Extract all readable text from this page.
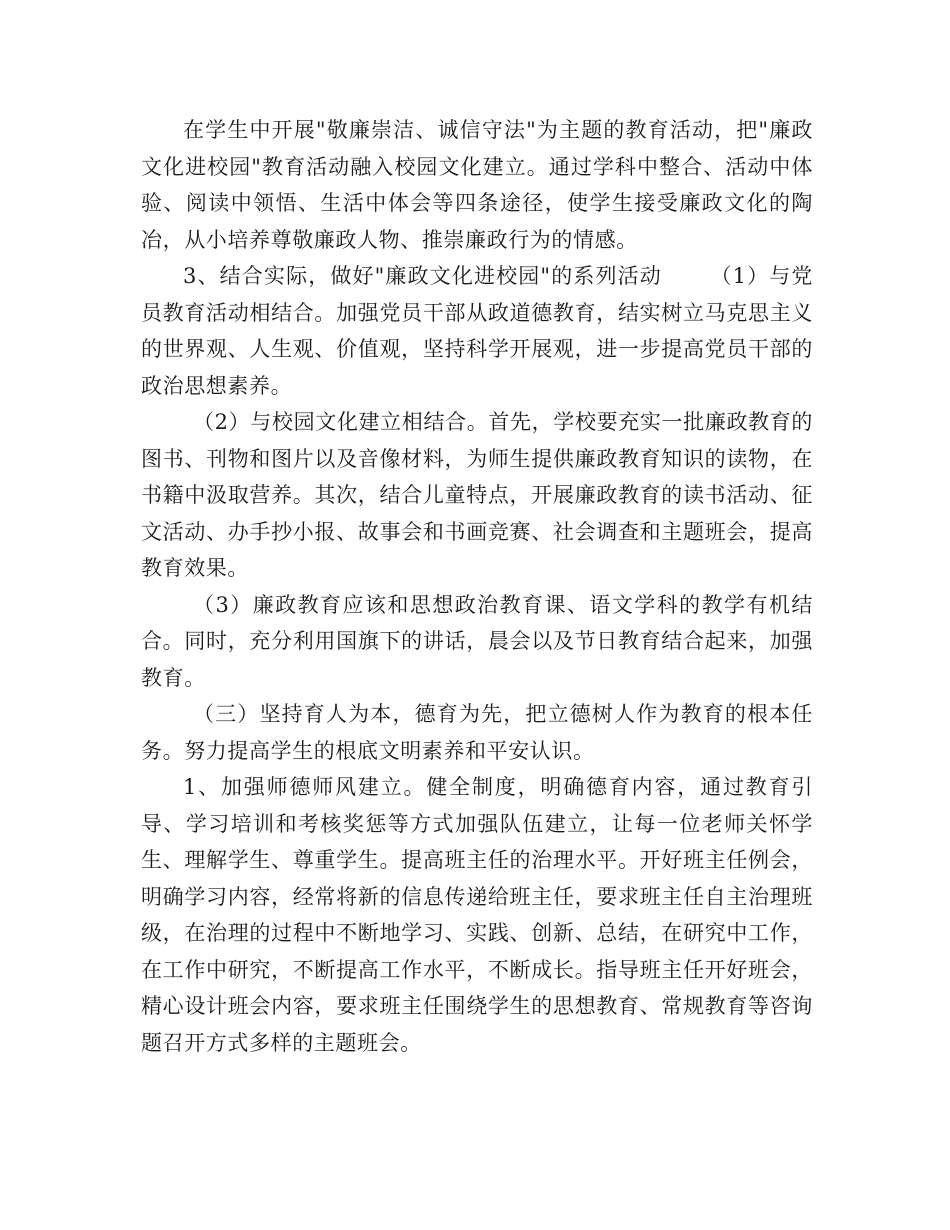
在学生中开展"敬廉崇洁、诚信守法"为主题的教育活动，把"廉政文化进校园"教育活动融入校园文化建立。通过学科中整合、活动中体验、阅读中领悟、生活中体会等四条途径，使学生接受廉政文化的陶冶，从小培养尊敬廉政人物、推崇廉政行为的情感。

3、结合实际，做好"廉政文化进校园"的系列活动 （1）与党员教育活动相结合。加强党员干部从政道德教育，结实树立马克思主义的世界观、人生观、价值观，坚持科学开展观，进一步提高党员干部的政治思想素养。

（2）与校园文化建立相结合。首先，学校要充实一批廉政教育的图书、刊物和图片以及音像材料，为师生提供廉政教育知识的读物，在书籍中汲取营养。其次，结合儿童特点，开展廉政教育的读书活动、征文活动、办手抄小报、故事会和书画竞赛、社会调查和主题班会，提高教育效果。

（3）廉政教育应该和思想政治教育课、语文学科的教学有机结合。同时，充分利用国旗下的讲话，晨会以及节日教育结合起来，加强教育。

（三）坚持育人为本，德育为先，把立德树人作为教育的根本任务。努力提高学生的根底文明素养和平安认识。

1、加强师德师风建立。健全制度，明确德育内容，通过教育引导、学习培训和考核奖惩等方式加强队伍建立，让每一位老师关怀学生、理解学生、尊重学生。提高班主任的治理水平。开好班主任例会，明确学习内容，经常将新的信息传递给班主任，要求班主任自主治理班级，在治理的过程中不断地学习、实践、创新、总结，在研究中工作，在工作中研究，不断提高工作水平，不断成长。指导班主任开好班会，精心设计班会内容，要求班主任围绕学生的思想教育、常规教育等咨询题召开方式多样的主题班会。
